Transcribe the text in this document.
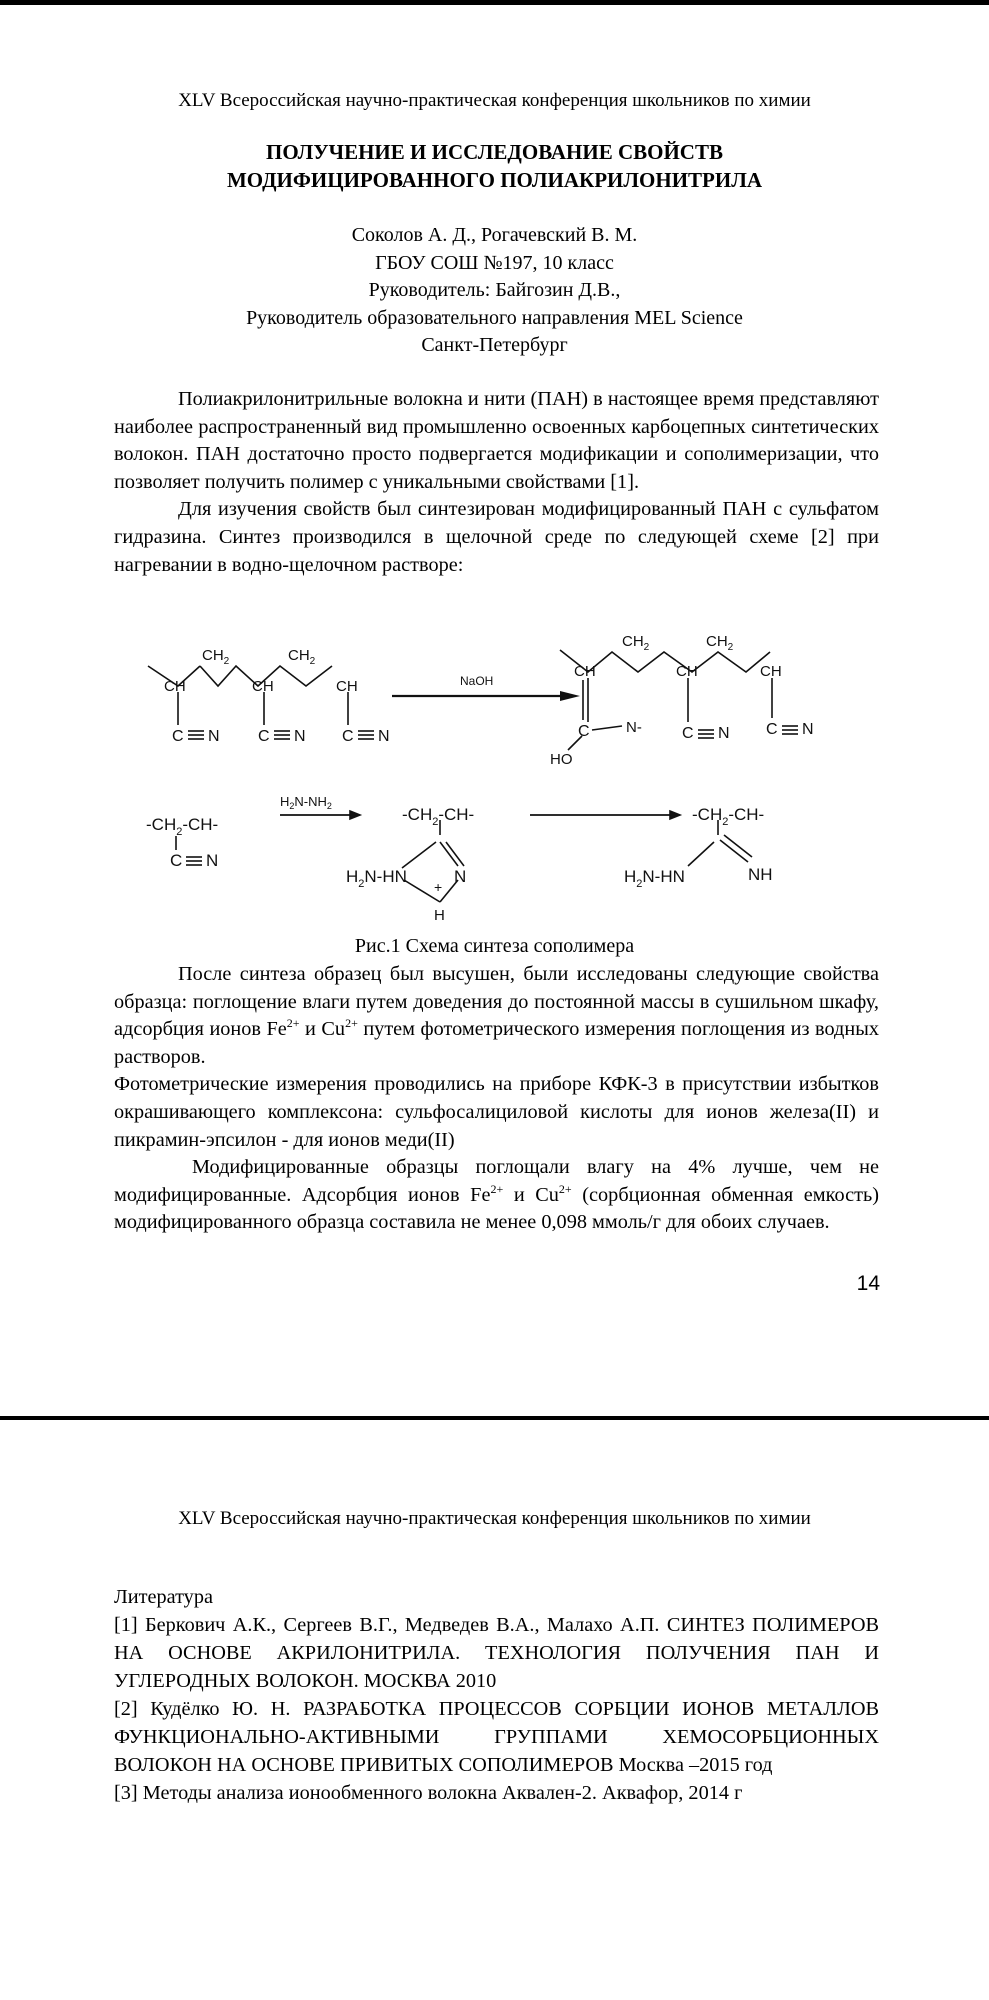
XLV Всероссийская научно-практическая конференция школьников по химии
ПОЛУЧЕНИЕ И ИССЛЕДОВАНИЕ СВОЙСТВ
МОДИФИЦИРОВАННОГО ПОЛИАКРИЛОНИТРИЛА
Соколов А. Д., Рогачевский В. М.
ГБОУ СОШ №197, 10 класс
Руководитель: Байгозин Д.В.,
Руководитель образовательного направления MEL Science
Санкт-Петербург

Полиакрилонитрильные волокна и нити (ПАН) в настоящее время представляют наиболее распространенный вид промышленно освоенных карбоцепных синтетических волокон. ПАН достаточно просто подвергается модификации и сополимеризации, что позволяет получить полимер с уникальными свойствами [1].

Для изучения свойств был синтезирован модифицированный ПАН с сульфатом гидразина. Синтез производился в щелочной среде по следующей схеме [2] при нагревании в водно-щелочном растворе:

$CH_2$	$CH_2$
CH	CH	CH
C N C N C N
NaOH
$CH_2$	$CH_2$
CH	CH	CH
C N-
HO
C N C N
$-CH_2-CH-$
C N
$H_2N-NH_2$	$-CH_2-CH-$
$H_2N-HN$	N
+
H
$-CH_2-CH-$
$H_2N-HN$	NH
Рис.1 Схема синтеза сополимера

После синтеза образец был высушен, были исследованы следующие свойства образца: поглощение влаги путем доведения до постоянной массы в сушильном шкафу, адсорбция ионов $Fe^{2+}$ и $Cu^{2+}$ путем фотометрического измерения поглощения из водных растворов.

Фотометрические измерения проводились на приборе КФК-3 в присутствии избытков окрашивающего комплексона: сульфосалициловой кислоты для ионов железа(II) и пикрамин-эпсилон - для ионов меди(II)

Модифицированные образцы поглощали влагу на 4% лучше, чем не модифицированные. Адсорбция ионов $Fe^{2+}$ и $Cu^{2+}$ (сорбционная обменная емкость) модифицированного образца составила не менее 0,098 ммоль/г для обоих случаев.

14
XLV Всероссийская научно-практическая конференция школьников по химии

Литература

[1] Беркович А.К., Сергеев В.Г., Медведев В.А., Малахо А.П. СИНТЕЗ ПОЛИМЕРОВ НА ОСНОВЕ АКРИЛОНИТРИЛА. ТЕХНОЛОГИЯ ПОЛУЧЕНИЯ ПАН И УГЛЕРОДНЫХ ВОЛОКОН. МОСКВА 2010

[2] Кудёлко Ю. Н. РАЗРАБОТКА ПРОЦЕССОВ СОРБЦИИ ИОНОВ МЕТАЛЛОВ ФУНКЦИОНАЛЬНО-АКТИВНЫМИ ГРУППАМИ ХЕМОСОРБЦИОННЫХ ВОЛОКОН НА ОСНОВЕ ПРИВИТЫХ СОПОЛИМЕРОВ Москва –2015 год

[3] Методы анализа ионообменного волокна Аквален-2. Аквафор, 2014 г
